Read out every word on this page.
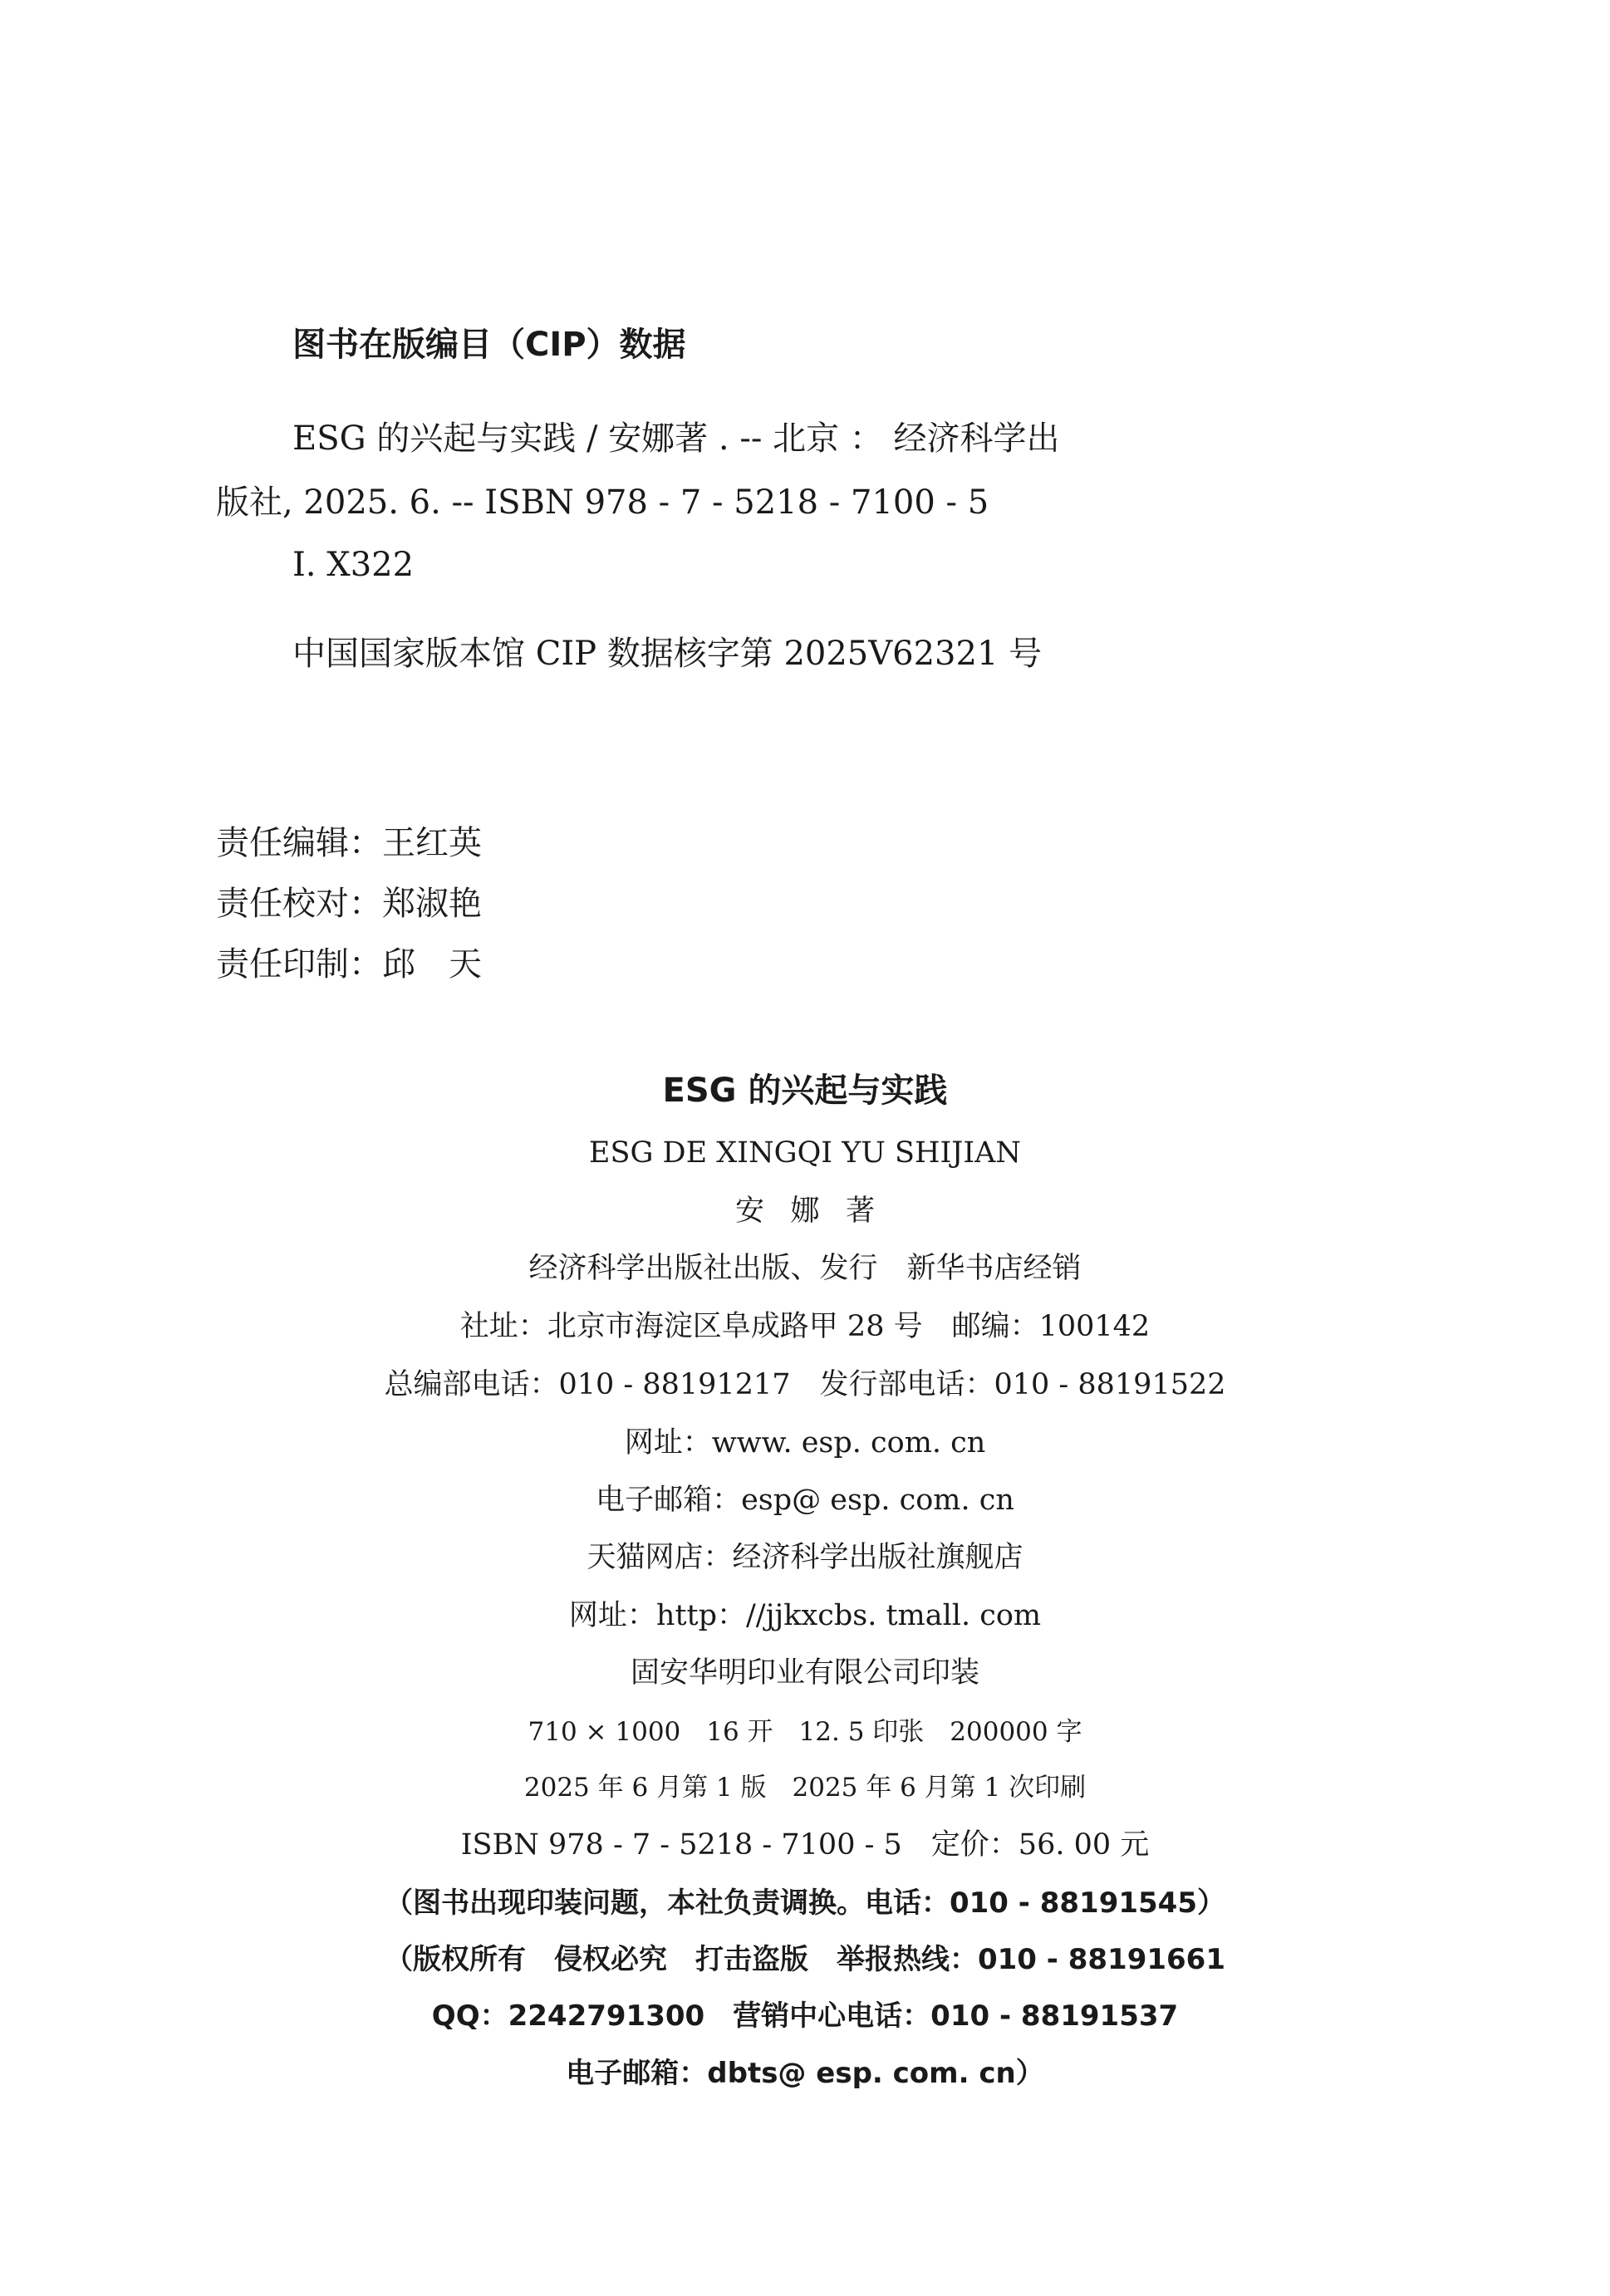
图书在版编目（CIP）数据
ESG 的兴起与实践 / 安娜著 . -- 北京 ： 经济科学出
版社, 2025. 6. -- ISBN 978 - 7 - 5218 - 7100 - 5
Ⅰ. X322
中国国家版本馆 CIP 数据核字第 2025V62321 号
责任编辑：王红英
责任校对：郑淑艳
责任印制：邱　天
ESG 的兴起与实践
ESG DE XINGQI YU SHIJIAN
安娜著
经济科学出版社出版、发行　新华书店经销
社址：北京市海淀区阜成路甲 28 号　邮编：100142
总编部电话：010 - 88191217　发行部电话：010 - 88191522
网址：www. esp. com. cn
电子邮箱：esp@ esp. com. cn
天猫网店：经济科学出版社旗舰店
网址：http：//jjkxcbs. tmall. com
固安华明印业有限公司印装
710 × 1000　16 开　12. 5 印张　200000 字
2025 年 6 月第 1 版　2025 年 6 月第 1 次印刷
ISBN 978 - 7 - 5218 - 7100 - 5　定价：56. 00 元
（图书出现印装问题，本社负责调换。电话：010 - 88191545）
（版权所有　侵权必究　打击盗版　举报热线：010 - 88191661
QQ：2242791300　营销中心电话：010 - 88191537
电子邮箱：dbts@ esp. com. cn）
